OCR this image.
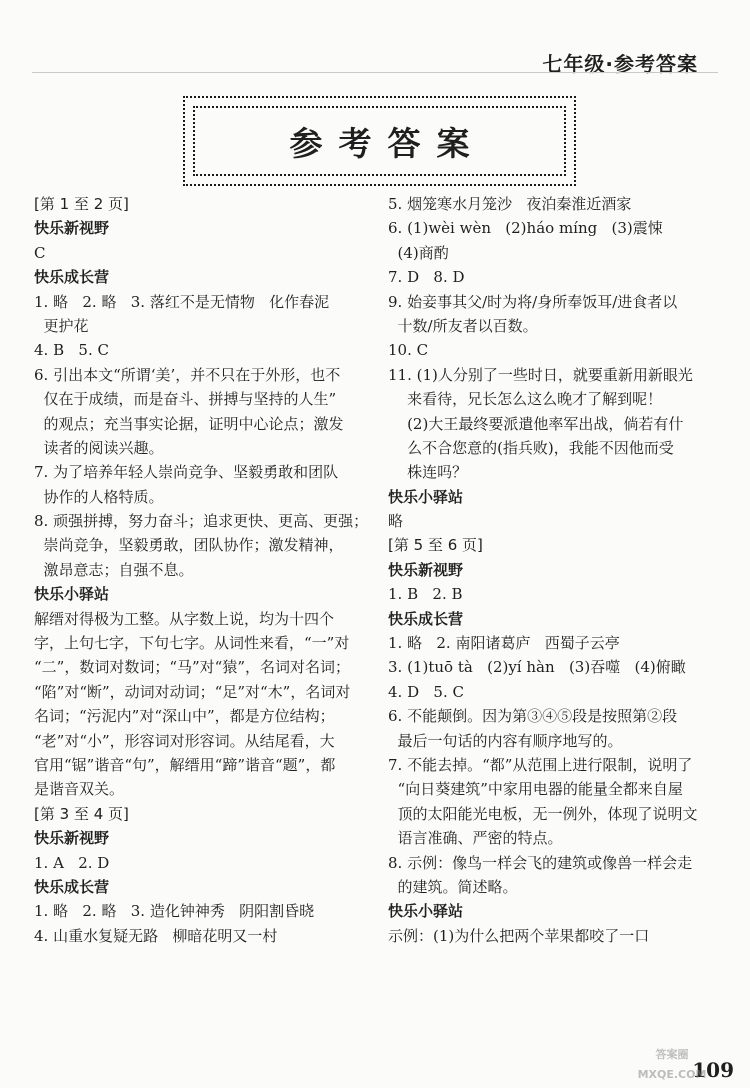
七年级·参考答案
参考答案
[第 1 至 2 页]
快乐新视野
C
快乐成长营
1. 略   2. 略   3. 落红不是无情物   化作春泥
更护花
4. B   5. C
6. 引出本文“所谓‘美’，并不只在于外形，也不
仅在于成绩，而是奋斗、拼搏与坚持的人生”
的观点；充当事实论据，证明中心论点；激发
读者的阅读兴趣。
7. 为了培养年轻人崇尚竞争、坚毅勇敢和团队
协作的人格特质。
8. 顽强拼搏，努力奋斗；追求更快、更高、更强；
崇尚竞争，坚毅勇敢，团队协作；激发精神，
激昂意志；自强不息。
快乐小驿站
解缙对得极为工整。从字数上说，均为十四个
字，上句七字，下句七字。从词性来看，“一”对
“二”，数词对数词；“马”对“猿”，名词对名词；
“陷”对“断”，动词对动词；“足”对“木”，名词对
名词；“污泥内”对“深山中”，都是方位结构；
“老”对“小”，形容词对形容词。从结尾看，大
官用“锯”谐音“句”，解缙用“蹄”谐音“题”，都
是谐音双关。
[第 3 至 4 页]
快乐新视野
1. A   2. D
快乐成长营
1. 略   2. 略   3. 造化钟神秀   阴阳割昏晓
4. 山重水复疑无路   柳暗花明又一村
5. 烟笼寒水月笼沙   夜泊秦淮近酒家
6. (1)wèi wèn   (2)háo míng   (3)震悚
(4)商酌
7. D   8. D
9. 始妾事其父/时为将/身所奉饭耳/进食者以
十数/所友者以百数。
10. C
11. (1)人分别了一些时日，就要重新用新眼光
来看待，兄长怎么这么晚才了解到呢！
(2)大王最终要派遣他率军出战，倘若有什
么不合您意的(指兵败)，我能不因他而受
株连吗？
快乐小驿站
略
[第 5 至 6 页]
快乐新视野
1. B   2. B
快乐成长营
1. 略   2. 南阳诸葛庐   西蜀子云亭
3. (1)tuō tà   (2)yí hàn   (3)吞噬   (4)俯瞰
4. D   5. C
6. 不能颠倒。因为第③④⑤段是按照第②段
最后一句话的内容有顺序地写的。
7. 不能去掉。“都”从范围上进行限制，说明了
“向日葵建筑”中家用电器的能量全都来自屋
顶的太阳能光电板，无一例外，体现了说明文
语言准确、严密的特点。
8. 示例：像鸟一样会飞的建筑或像兽一样会走
的建筑。简述略。
快乐小驿站
示例：(1)为什么把两个苹果都咬了一口
109
答案圈
MXQE.COM
